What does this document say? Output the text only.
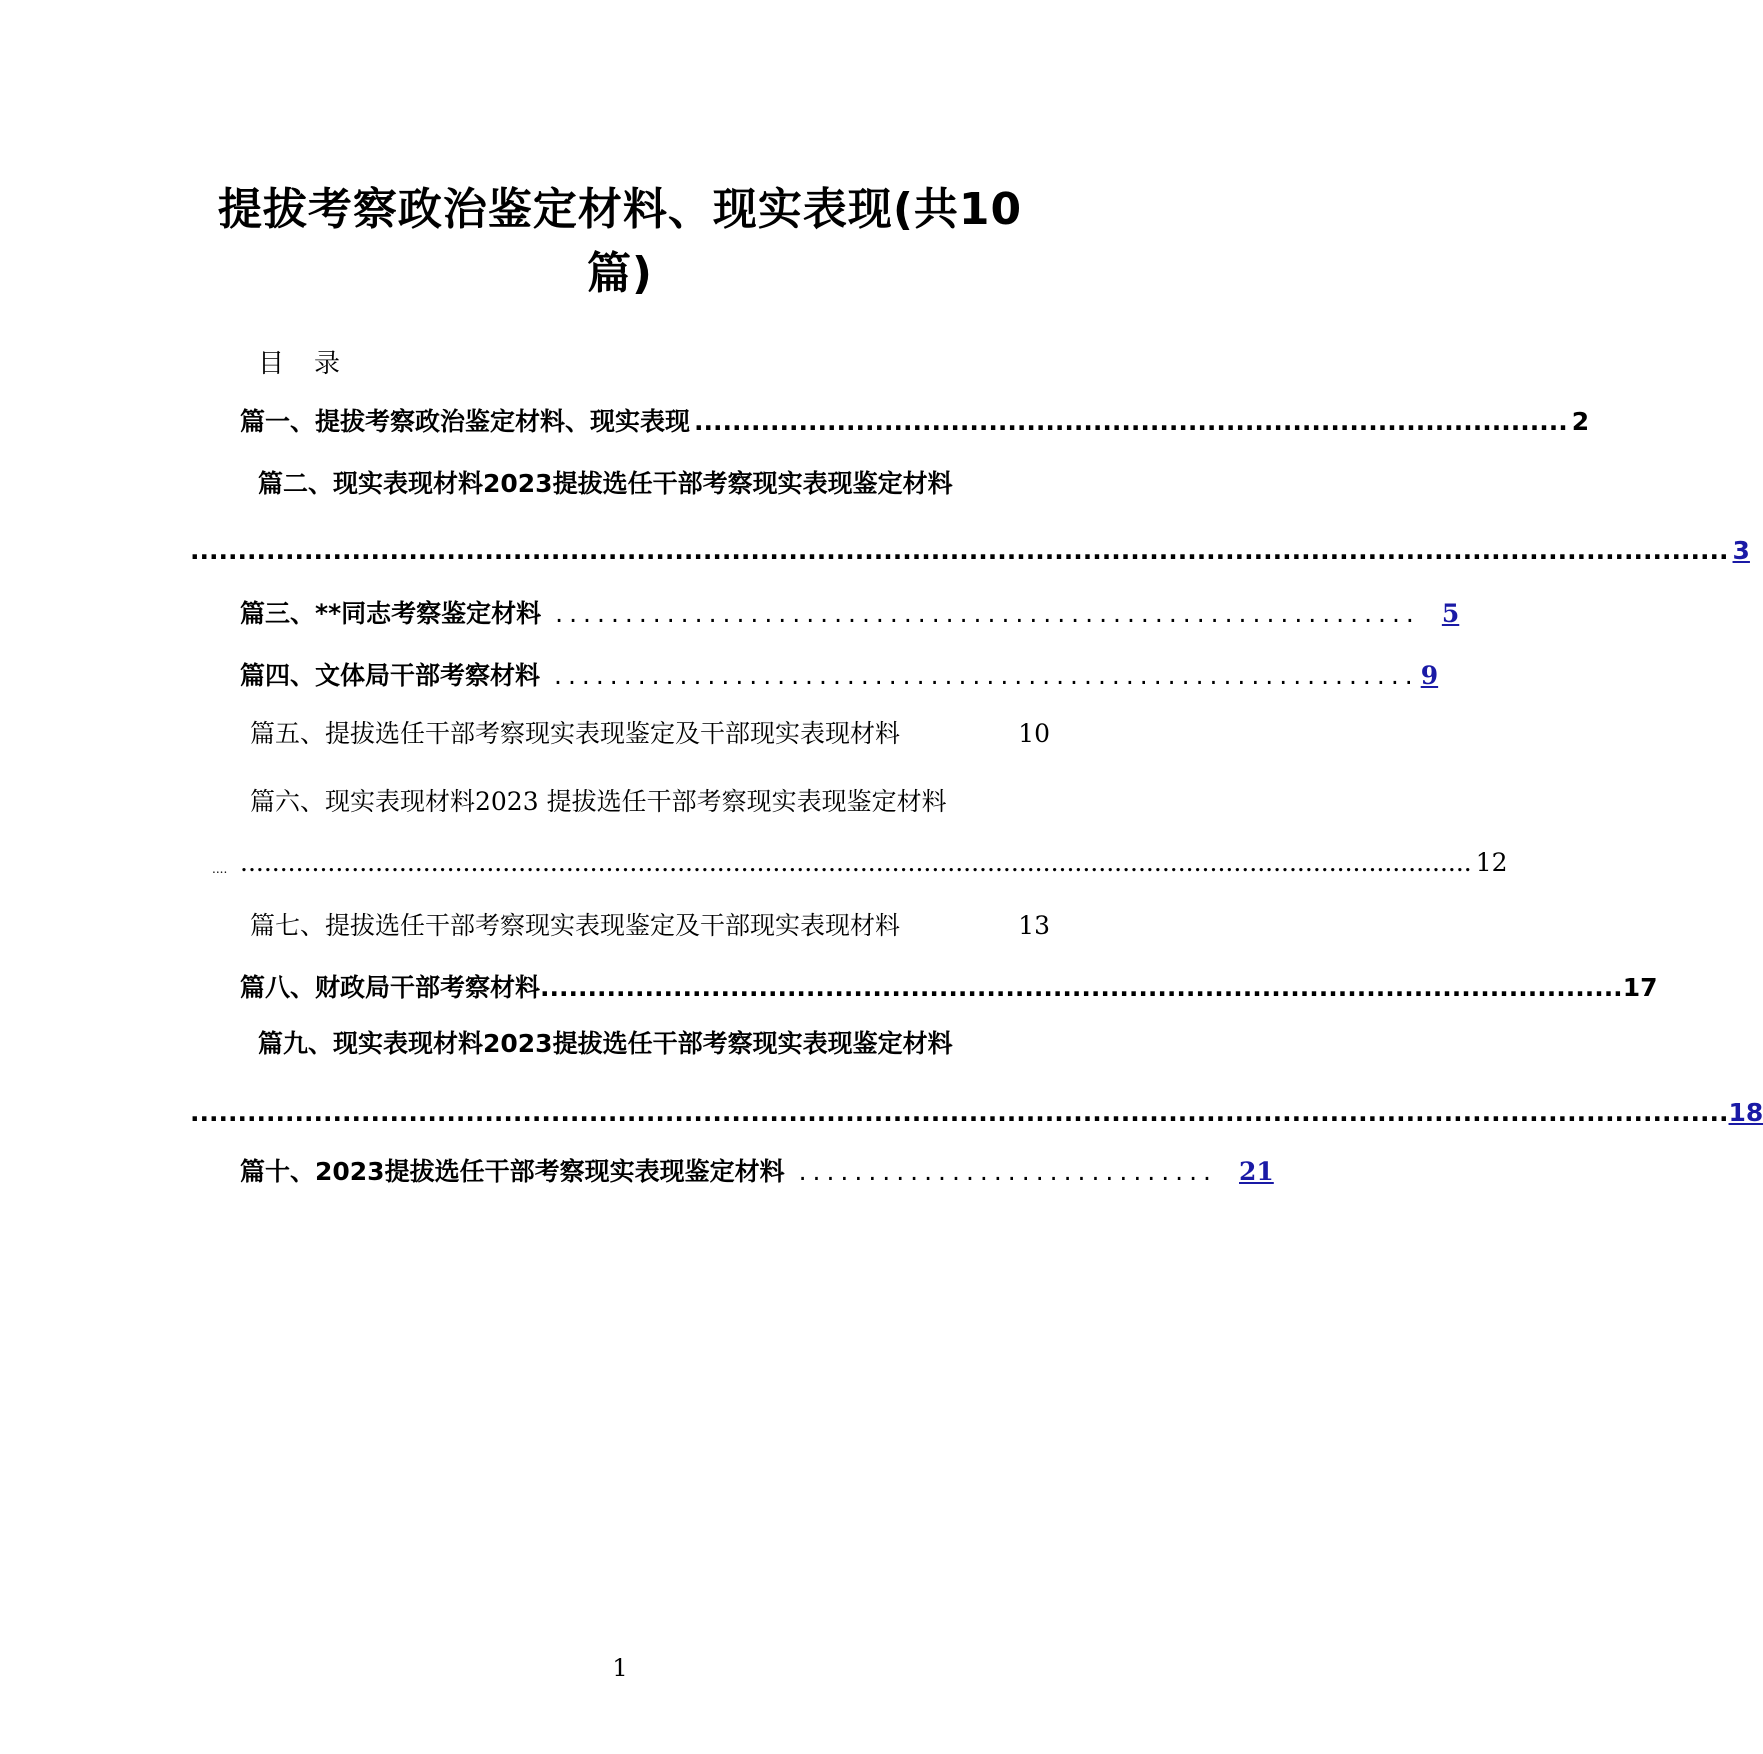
提拔考察政治鉴定材料、现实表现(共10
篇)
目 录
篇一、提拔考察政治鉴定材料、现实表现 ............................................................................................ 2
篇二、现实表现材料2023提拔选任干部考察现实表现鉴定材料
.................................................................................................................................................................. 3
篇三、**同志考察鉴定材料 .............................................................. 5
篇四、文体局干部考察材料 .............................................................. 9
篇五、提拔选任干部考察现实表现鉴定及干部现实表现材料	10
篇六、现实表现材料2023 提拔选任干部考察现实表现鉴定材料
.... ........................................................................................................................................................... 12
篇七、提拔选任干部考察现实表现鉴定及干部现实表现材料	13
篇八、财政局干部考察材料 .................................................................................................................. 17
篇九、现实表现材料2023提拔选任干部考察现实表现鉴定材料
.................................................................................................................................................................. 18
篇十、2023提拔选任干部考察现实表现鉴定材料 .............................. 21
1
